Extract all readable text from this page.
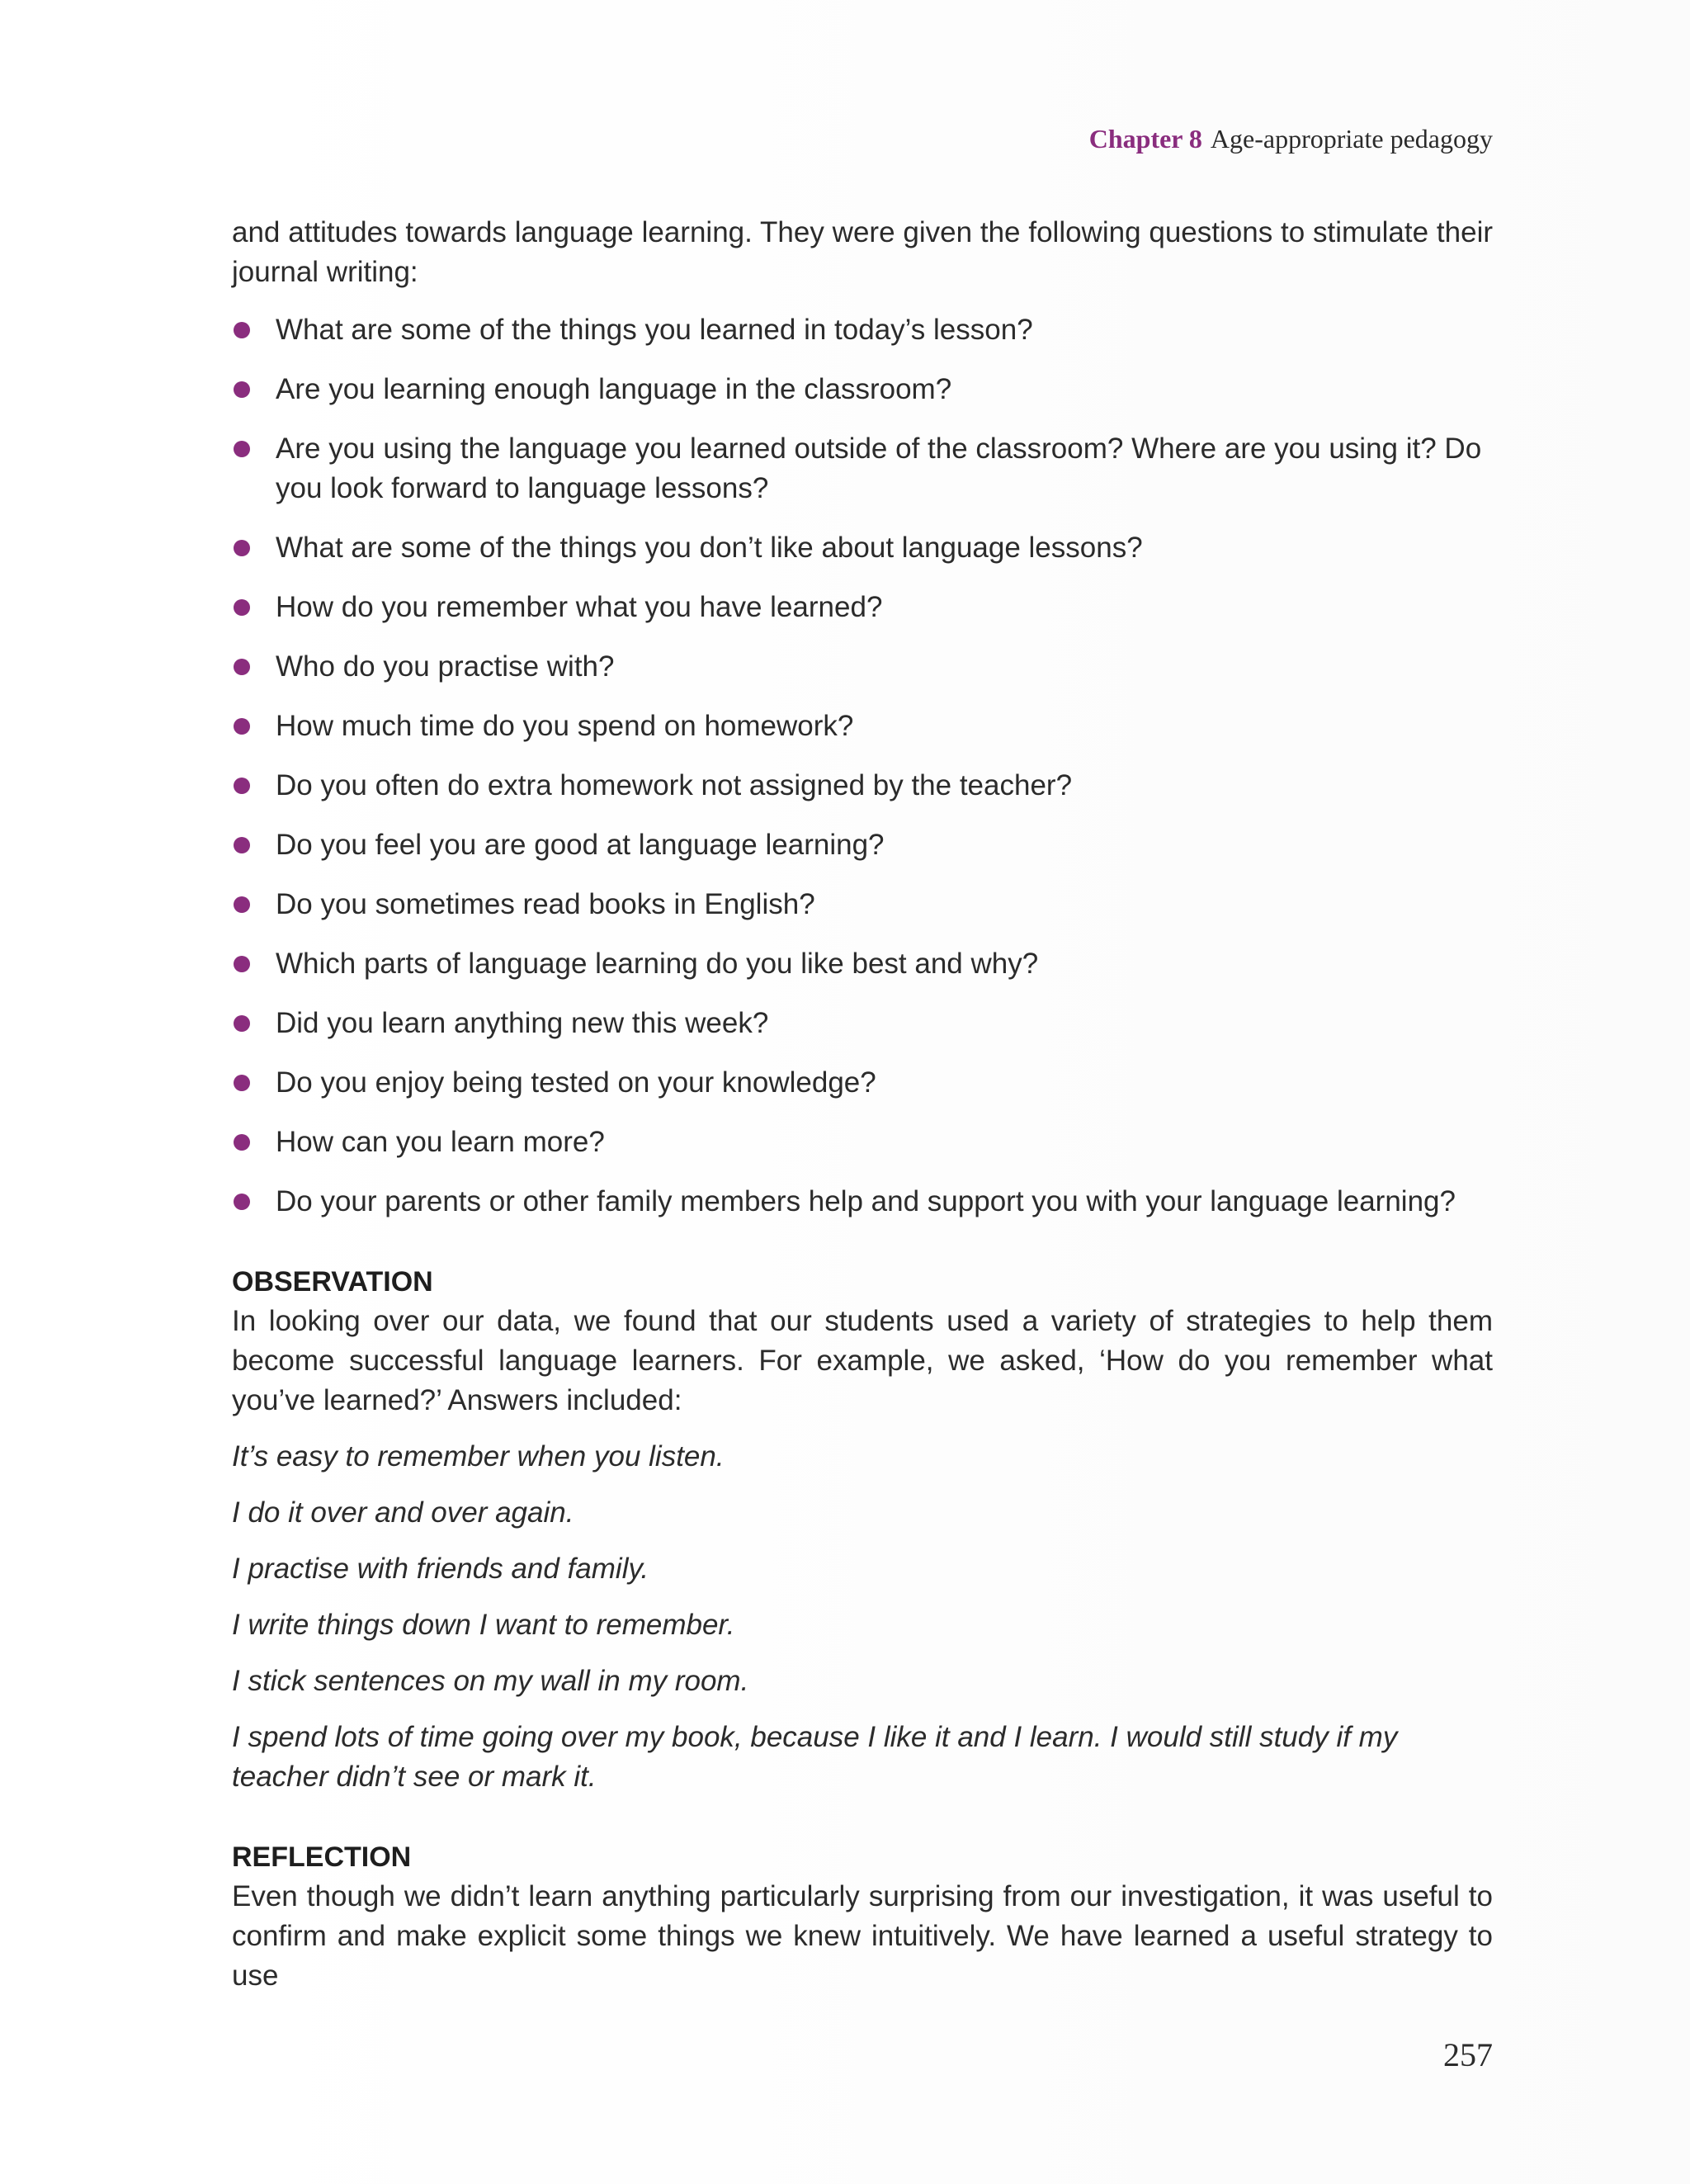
Chapter 8 Age-appropriate pedagogy

and attitudes towards language learning. They were given the following questions to stimulate their journal writing:

What are some of the things you learned in today’s lesson?
Are you learning enough language in the classroom?
Are you using the language you learned outside of the classroom? Where are you using it? Do you look forward to language lessons?
What are some of the things you don’t like about language lessons?
How do you remember what you have learned?
Who do you practise with?
How much time do you spend on homework?
Do you often do extra homework not assigned by the teacher?
Do you feel you are good at language learning?
Do you sometimes read books in English?
Which parts of language learning do you like best and why?
Did you learn anything new this week?
Do you enjoy being tested on your knowledge?
How can you learn more?
Do your parents or other family members help and support you with your language learning?
OBSERVATION

In looking over our data, we found that our students used a variety of strategies to help them become successful language learners. For example, we asked, ‘How do you remember what you’ve learned?’ Answers included:

It’s easy to remember when you listen.
I do it over and over again.
I practise with friends and family.
I write things down I want to remember.
I stick sentences on my wall in my room.
I spend lots of time going over my book, because I like it and I learn. I would still study if my teacher didn’t see or mark it.
REFLECTION

Even though we didn’t learn anything particularly surprising from our investigation, it was useful to confirm and make explicit some things we knew intuitively. We have learned a useful strategy to use

257
